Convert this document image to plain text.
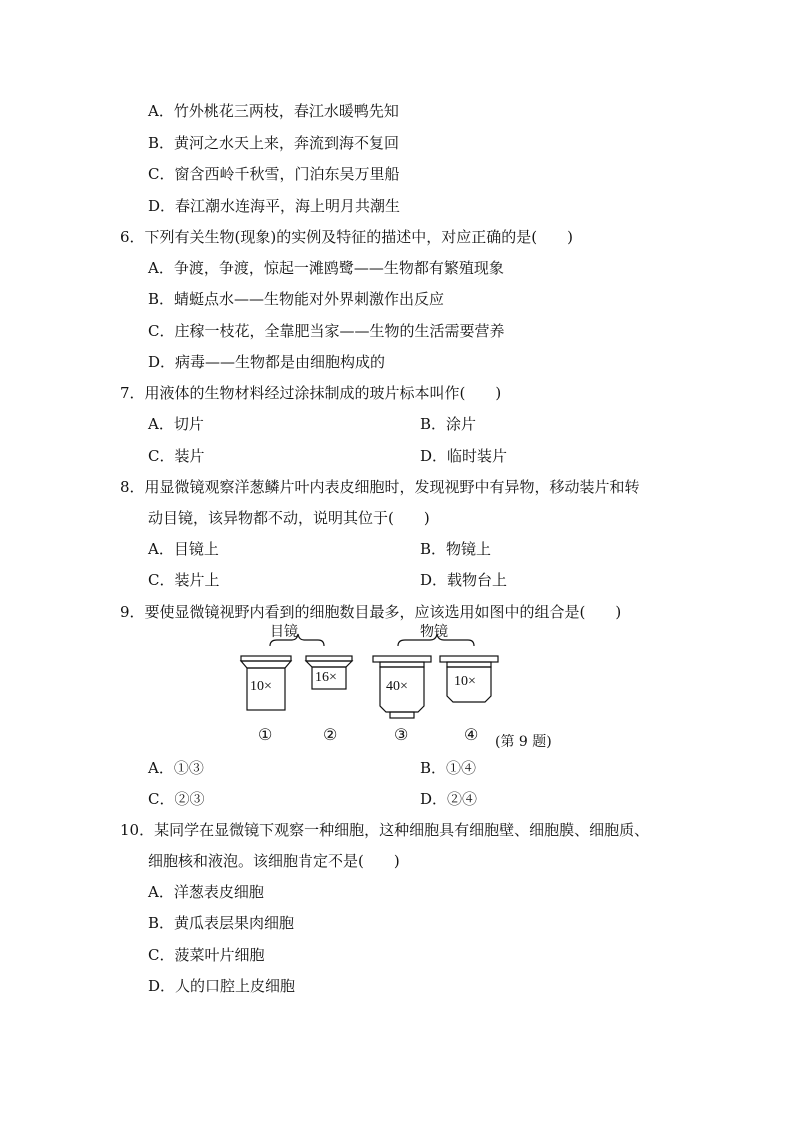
A．竹外桃花三两枝，春江水暖鸭先知
B．黄河之水天上来，奔流到海不复回
C．窗含西岭千秋雪，门泊东吴万里船
D．春江潮水连海平，海上明月共潮生
6．下列有关生物(现象)的实例及特征的描述中，对应正确的是(　　)
A．争渡，争渡，惊起一滩鸥鹭——生物都有繁殖现象
B．蜻蜓点水——生物能对外界刺激作出反应
C．庄稼一枝花，全靠肥当家——生物的生活需要营养
D．病毒——生物都是由细胞构成的
7．用液体的生物材料经过涂抹制成的玻片标本叫作(　　)
A．切片	B．涂片
C．装片	D．临时装片
8．用显微镜观察洋葱鳞片叶内表皮细胞时，发现视野中有异物，移动装片和转
动目镜，该异物都不动，说明其位于(　　)
A．目镜上	B．物镜上
C．装片上	D．载物台上
9．要使显微镜视野内看到的细胞数目最多，应该选用如图中的组合是(　　)
目镜	物镜
10×
16×
40×	10×
①	②	③	④ (第 9 题)
A．①③	B．①④
C．②③	D．②④
10．某同学在显微镜下观察一种细胞，这种细胞具有细胞壁、细胞膜、细胞质、
细胞核和液泡。该细胞肯定不是(　　)
A．洋葱表皮细胞
B．黄瓜表层果肉细胞
C．菠菜叶片细胞
D．人的口腔上皮细胞
